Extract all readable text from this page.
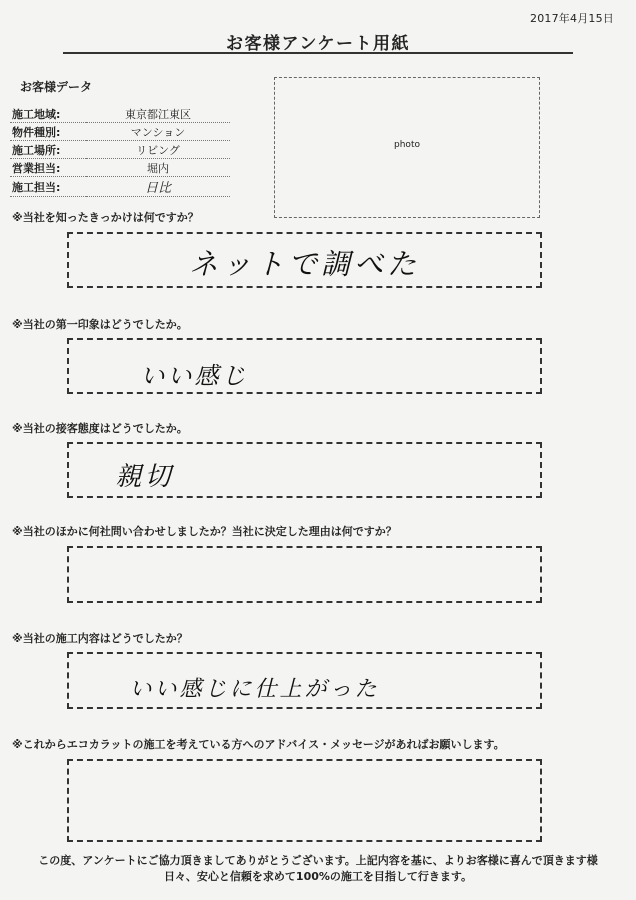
2017年4月15日
お客様アンケート用紙
お客様データ
施工地域:	東京都江東区
物件種別:	マンション
施工場所:	リビング
営業担当:	堀内
施工担当:	日比
photo
※当社を知ったきっかけは何ですか？
ネットで調べた
※当社の第一印象はどうでしたか。
いい感じ
※当社の接客態度はどうでしたか。
親切
※当社のほかに何社問い合わせしましたか？当社に決定した理由は何ですか？
※当社の施工内容はどうでしたか？
いい感じに仕上がった
※これからエコカラットの施工を考えている方へのアドバイス・メッセージがあればお願いします。
この度、アンケートにご協力頂きましてありがとうございます。上記内容を基に、よりお客様に喜んで頂きます様
日々、安心と信頼を求めて100%の施工を目指して行きます。
